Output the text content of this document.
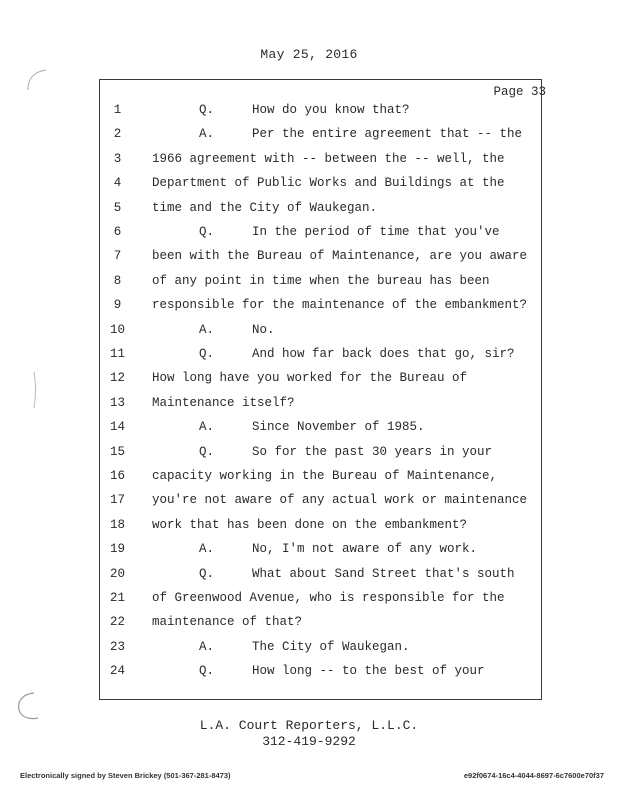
May 25, 2016
Page 33
1	Q.	How do you know that?
2	A.	Per the entire agreement that -- the
3	1966 agreement with -- between the -- well, the
4	Department of Public Works and Buildings at the
5	time and the City of Waukegan.
6	Q.	In the period of time that you've
7	been with the Bureau of Maintenance, are you aware
8	of any point in time when the bureau has been
9	responsible for the maintenance of the embankment?
10	A.	No.
11	Q.	And how far back does that go, sir?
12	How long have you worked for the Bureau of
13	Maintenance itself?
14	A.	Since November of 1985.
15	Q.	So for the past 30 years in your
16	capacity working in the Bureau of Maintenance,
17	you're not aware of any actual work or maintenance
18	work that has been done on the embankment?
19	A.	No, I'm not aware of any work.
20	Q.	What about Sand Street that's south
21	of Greenwood Avenue, who is responsible for the
22	maintenance of that?
23	A.	The City of Waukegan.
24	Q.	How long -- to the best of your
L.A. Court Reporters, L.L.C.
312-419-9292
Electronically signed by Steven Brickey (501-367-281-8473)	e92f0674-16c4-4044-8697-6c7600e70f37
